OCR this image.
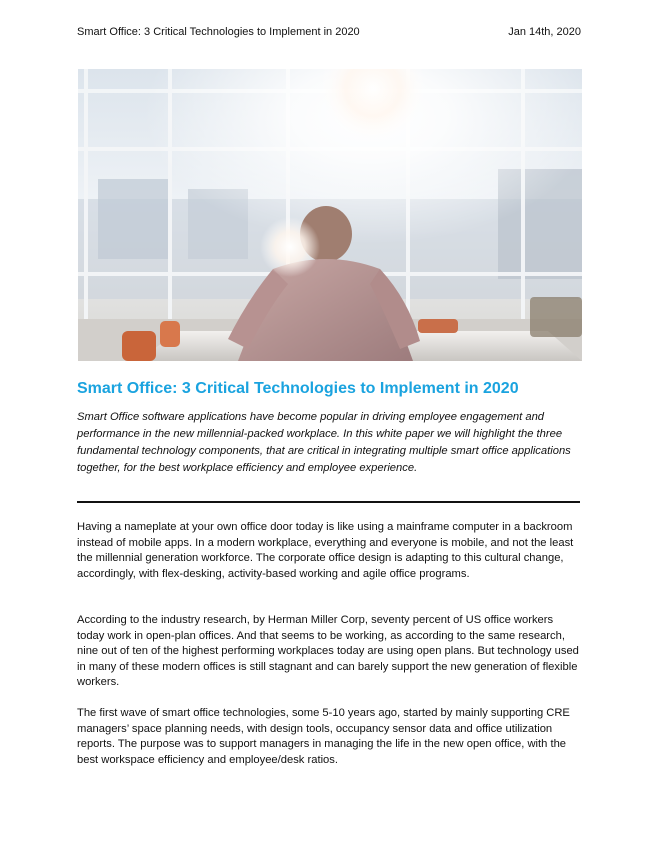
Smart Office: 3 Critical Technologies to Implement in 2020	Jan 14th, 2020
Smart Office: 3 Critical Technologies to Implement in 2020

Smart Office software applications have become popular in driving employee engagement and performance in the new millennial-packed workplace. In this white paper we will highlight the three fundamental technology components, that are critical in integrating multiple smart office applications together, for the best workplace efficiency and employee experience.

Having a nameplate at your own office door today is like using a mainframe computer in a backroom instead of mobile apps. In a modern workplace, everything and everyone is mobile, and not the least the millennial generation workforce. The corporate office design is adapting to this cultural change, accordingly, with flex-desking, activity-based working and agile office programs.

According to the industry research, by Herman Miller Corp, seventy percent of US office workers today work in open-plan offices. And that seems to be working, as according to the same research, nine out of ten of the highest performing workplaces today are using open plans. But technology used in many of these modern offices is still stagnant and can barely support the new generation of flexible workers.

The first wave of smart office technologies, some 5-10 years ago, started by mainly supporting CRE managers’ space planning needs, with design tools, occupancy sensor data and office utilization reports. The purpose was to support managers in managing the life in the new open office, with the best workspace efficiency and employee/desk ratios.
